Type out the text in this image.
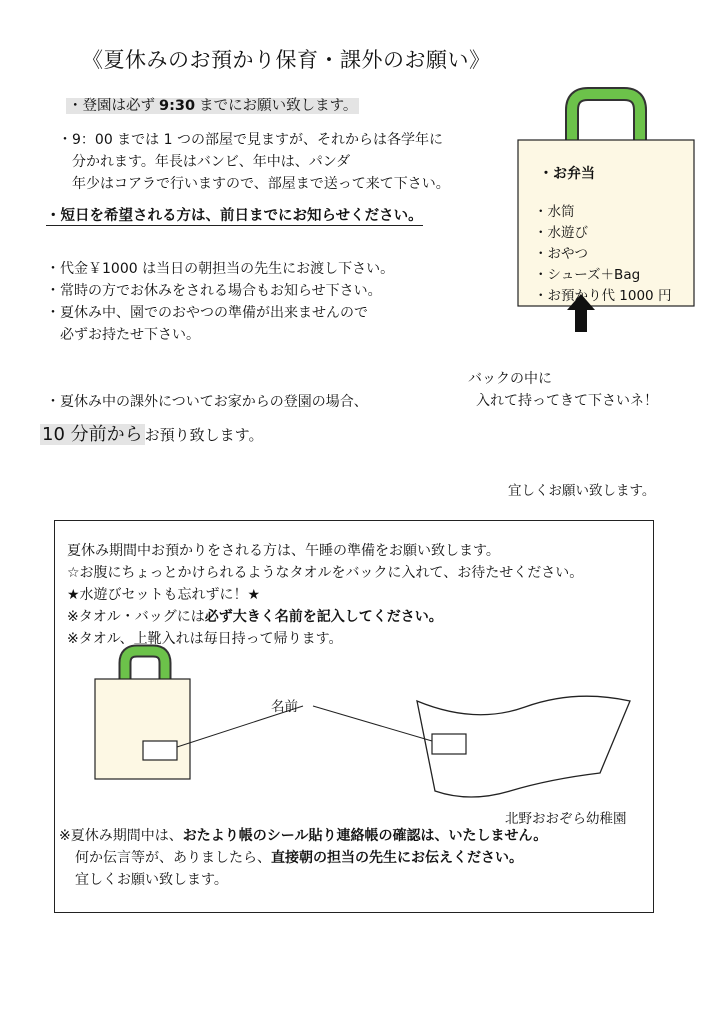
《夏休みのお預かり保育・課外のお願い》
・登園は必ず 9:30 までにお願い致します。
・9：00 までは 1 つの部屋で見ますが、それからは各学年に
分かれます。年長はバンビ、年中は、パンダ
年少はコアラで行いますので、部屋まで送って来て下さい。
・短日を希望される方は、前日までにお知らせください。
・代金￥1000 は当日の朝担当の先生にお渡し下さい。
・常時の方でお休みをされる場合もお知らせ下さい。
・夏休み中、園でのおやつの準備が出来ませんので
必ずお持たせ下さい。
・夏休み中の課外についてお家からの登園の場合、
10 分前から お預り致します。
バックの中に
入れて持ってきて下さいネ！
宜しくお願い致します。
・お弁当
・水筒
・水遊び
・おやつ
・シューズ＋Bag
・お預かり代 1000 円
夏休み期間中お預かりをされる方は、午睡の準備をお願い致します。
☆お腹にちょっとかけられるようなタオルをバックに入れて、お待たせください。
★水遊びセットも忘れずに！★
※タオル・バッグには必ず大きく名前を記入してください。
※タオル、上靴入れは毎日持って帰ります。
名前
北野おおぞら幼稚園
※夏休み期間中は、おたより帳のシール貼り連絡帳の確認は、いたしません。
何か伝言等が、ありましたら、直接朝の担当の先生にお伝えください。
宜しくお願い致します。
